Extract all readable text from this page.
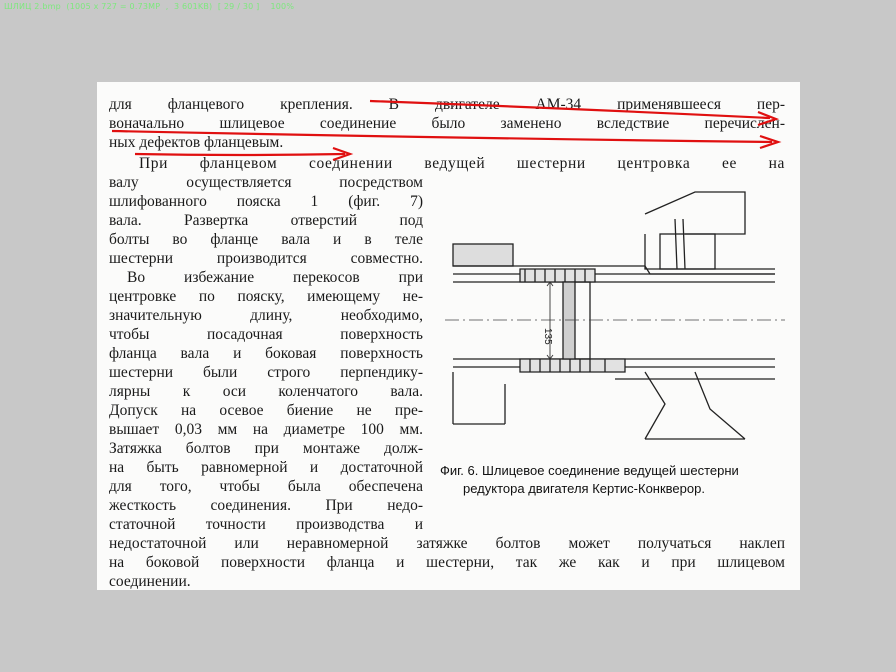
ШЛИЦ 2.bmp  (1005 x 727 = 0.73MP  ,  3 601KB)  [ 29 / 30 ]    100%
для фланцевого крепления. В двигателе АМ-34 применявшееся пер-
воначально шлицевое соединение было заменено вследствие перечислен-
ных дефектов фланцевым.
При фланцевом соединении ведущей шестерни центровка ее на
валу осуществляется посредством
шлифованного пояска 1 (фиг. 7)
вала. Развертка отверстий под
болты во фланце вала и в теле
шестерни производится совместно.
Во избежание перекосов при
центровке по пояску, имеющему не-
значительную длину, необходимо,
чтобы посадочная поверхность
фланца вала и боковая поверхность
шестерни были строго перпендику-
лярны к оси коленчатого вала.
Допуск на осевое биение не пре-
вышает 0,03 мм на диаметре 100 мм.
Затяжка болтов при монтаже долж-
на быть равномерной и достаточной
для того, чтобы была обеспечена
жесткость соединения. При недо-
статочной точности производства и
недостаточной или неравномерной затяжке болтов может получаться наклеп
на боковой поверхности фланца и шестерни, так же как и при шлицевом
соединении.
135
Фиг. 6. Шлицевое соединение ведущей шестерни
редуктора двигателя Кертис-Конквероp.
